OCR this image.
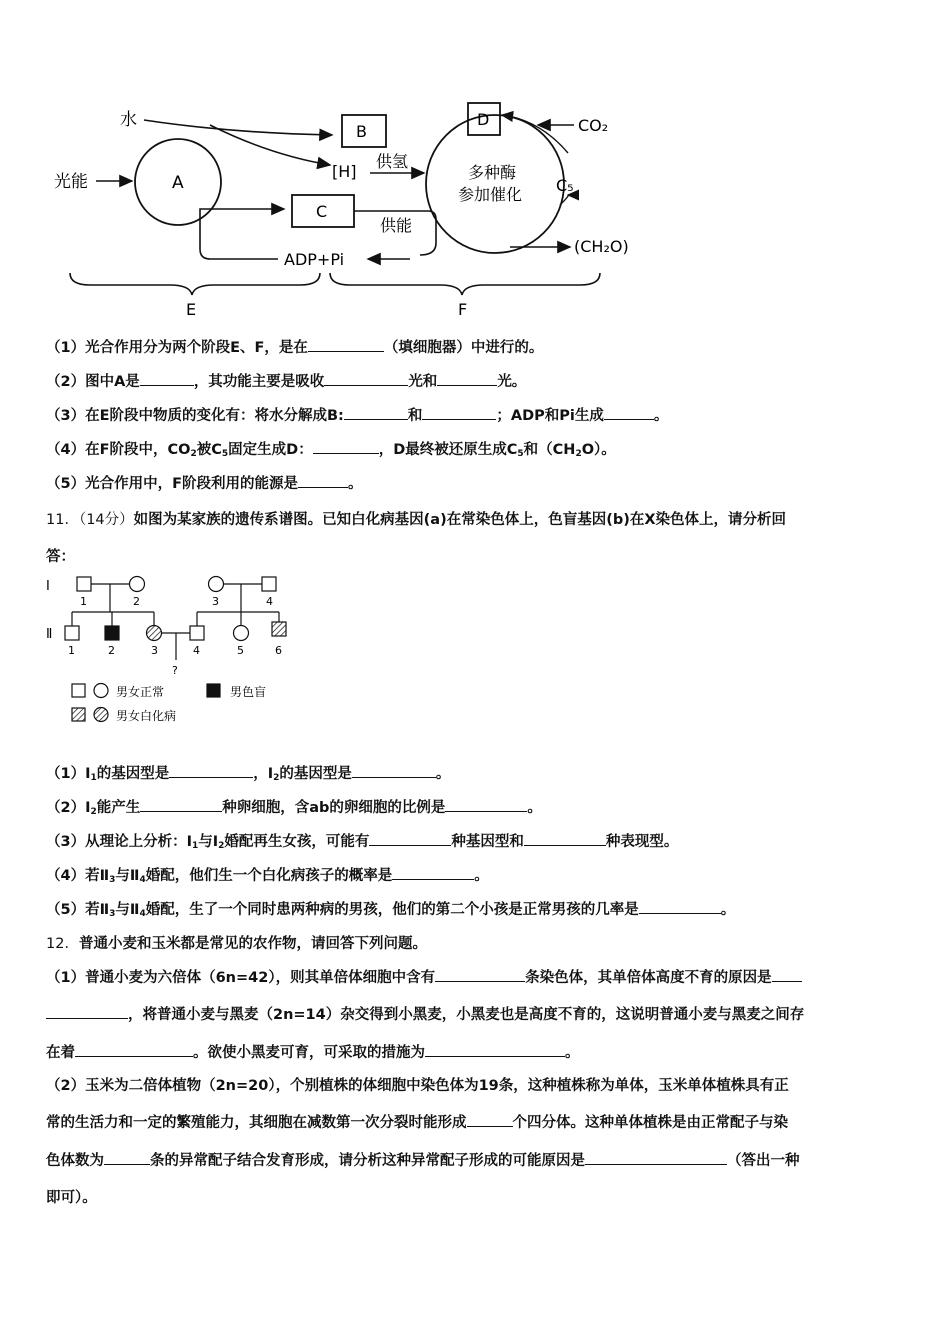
A
光能
水
B
[H]
供氢
C
供能
多种酶
参加催化
D	CO₂
C₅
(CH₂O)
ADP+Pi
E	F
（1）光合作用分为两个阶段E、F，是在	（填细胞器）中进行的。
（2）图中A是	，其功能主要是吸收	光和	光。
（3）在E阶段中物质的变化有：将水分解成B:	和	；ADP和Pi生成	。
（4）在F阶段中，$CO_2$被$C_5$固定生成D：	，D最终被还原生成$C_5$和$(CH_2O)$。
（5）光合作用中，F阶段利用的能源是	。
11．（14分）如图为某家族的遗传系谱图。已知白化病基因(a)在常染色体上，色盲基因(b)在X染色体上，请分析回
答：
Ⅰ
Ⅱ
1	2	3	4
?
1	2	3	4	5	6
男女正常	男色盲
男女白化病
$(1)Ⅰ_1$的基因型是	，$Ⅰ_2$的基因型是	。
$(2)Ⅰ_2$能产生	种卵细胞，含ab的卵细胞的比例是	。
（3）从理论上分析：$Ⅰ_1$与$Ⅰ_2$婚配再生女孩，可能有	种基因型和	种表现型。
（4）若$Ⅱ_3$与$Ⅱ_4$婚配，他们生一个白化病孩子的概率是	。
（5）若$Ⅱ_3$与$Ⅱ_4$婚配，生了一个同时患两种病的男孩，他们的第二个小孩是正常男孩的几率是	。
12．普通小麦和玉米都是常见的农作物，请回答下列问题。
（1）普通小麦为六倍体（6n=42），则其单倍体细胞中含有	条染色体，其单倍体高度不育的原因是
，将普通小麦与黑麦（2n=14）杂交得到小黑麦，小黑麦也是高度不育的，这说明普通小麦与黑麦之间存
在着	。欲使小黑麦可育，可采取的措施为	。
（2）玉米为二倍体植物（2n=20），个别植株的体细胞中染色体为19条，这种植株称为单体，玉米单体植株具有正
常的生活力和一定的繁殖能力，其细胞在减数第一次分裂时能形成	个四分体。这种单体植株是由正常配子与染
色体数为	条的异常配子结合发育形成，请分析这种异常配子形成的可能原因是	（答出一种
即可）。
